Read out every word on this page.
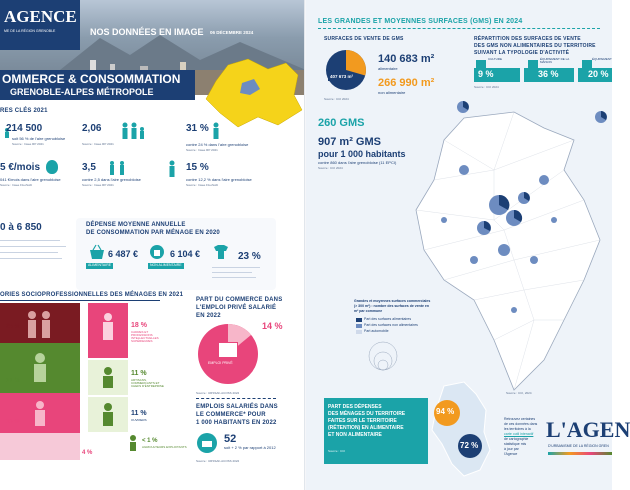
AGENCE
ME DE LA RÉGION GRENOBLE	NOS DONNÉES EN IMAGE 06 DÉCEMBRE 2024
OMMERCE & CONSOMMATION
GRENOBLE-ALPES MÉTROPOLE
RES CLÉS 2021
214 500
soit 56 % de l'aire grenobloise
Source : Insee RP 2021
2,06
Source : Insee RP 2021
31 %
contre 24 % dans l'aire grenobloise
Source : Insee RP 2021
5 €/mois
041 €/mois dans l'aire grenobloise
Source : Insee FiLoSoFi
3,5
contre 2,5 dans l'aire grenobloise
Source : Insee RP 2021
15 %
contre 12,2 % dans l'aire grenobloise
Source : Insee FiLoSoFi
0 à 6 850	DÉPENSE MOYENNE ANNUELLE
DE CONSOMMATION PAR MÉNAGE EN 2020
6 487 €
ALIMENTAIRE
6 104 €
NON ALIMENTAIRE
23 %
ORIES SOCIOPROFESSIONNELLES DES MÉNAGES EN 2021
25 %
17 %
15 %
4 %
18 %
CADRES ET PROFESSIONS INTELLECTUELLES SUPÉRIEURES
11 %
ARTISANS, COMMERÇANTS ET CHEFS D'ENTREPRISE
11 %
OUVRIERS
< 1 %
AGRICULTEURS EXPLOITANTS
PART DU COMMERCE DANS
L'EMPLOI PRIVÉ SALARIÉ
EN 2022
14 %
EMPLOI PRIVÉ
Source : URSSAF-ACOSS 2022
EMPLOIS SALARIÉS DANS
LE COMMERCE* POUR
1 000 HABITANTS EN 2022
52
soit + 2 % par rapport à 2012
Source : URSSAF-ACOSS 2022
LES GRANDES ET MOYENNES SURFACES (GMS) EN 2024
SURFACES DE VENTE DE GMS
407 673 m²
140 683 m²
alimentaire
266 990 m²
non alimentaire
Source : CCI 2024
RÉPARTITION DES SURFACES DE VENTE
DES GMS NON ALIMENTAIRES DU TERRITOIRE
SUIVANT LA TYPOLOGIE D'ACTIVITÉ
CULTURE	ÉQUIPEMENT DE LA MAISON
ÉQUIPEMENT
9 %	36 %	20 %
Source : CCI 2024
260 GMS
907 m² GMS
pour 1 000 habitants
contre 860 dans l'aire grenobloise (11 EPCI)
Source : CCI 2024
Grandes et moyennes surfaces commerciales
(> 300 m²) : nombre des surfaces de vente en
m² par commune
Part des surfaces alimentaires
Part des surfaces non alimentaires
Part automobile
PART DES DÉPENSES
DES MÉNAGES DU TERRITOIRE
FAITES SUR LE TERRITOIRE
(RÉTENTION) EN ALIMENTAIRE
ET NON ALIMENTAIRE
Source : CCI
94 %
72 %
Retrouvez certaines
de ces données dans
les territoires à la
carte outil interactif
de cartographie
statistique mis
à jour par
l'Agence
L'AGEN
D'URBANISME DE LA RÉGION GREN
Source : CCI, 2024
